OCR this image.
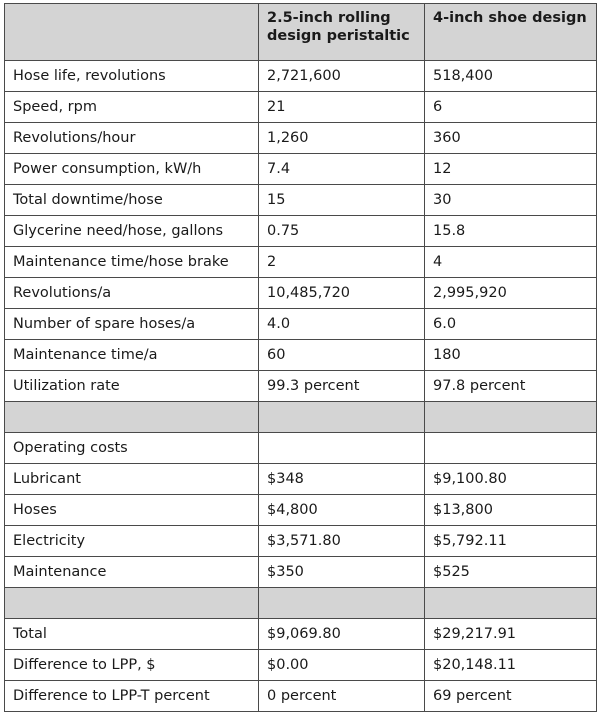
	2.5-inch rolling design peristaltic	4-inch shoe design
Hose life, revolutions	2,721,600	518,400
Speed, rpm	21	6
Revolutions/hour	1,260	360
Power consumption, kW/h	7.4	12
Total downtime/hose	15	30
Glycerine need/hose, gallons	0.75	15.8
Maintenance time/hose brake	2	4
Revolutions/a	10,485,720	2,995,920
Number of spare hoses/a	4.0	6.0
Maintenance time/a	60	180
Utilization rate	99.3 percent	97.8 percent

Operating costs		
Lubricant	$348	$9,100.80
Hoses	$4,800	$13,800
Electricity	$3,571.80	$5,792.11
Maintenance	$350	$525

Total	$9,069.80	$29,217.91
Difference to LPP, $	$0.00	$20,148.11
Difference to LPP-T percent	0 percent	69 percent
